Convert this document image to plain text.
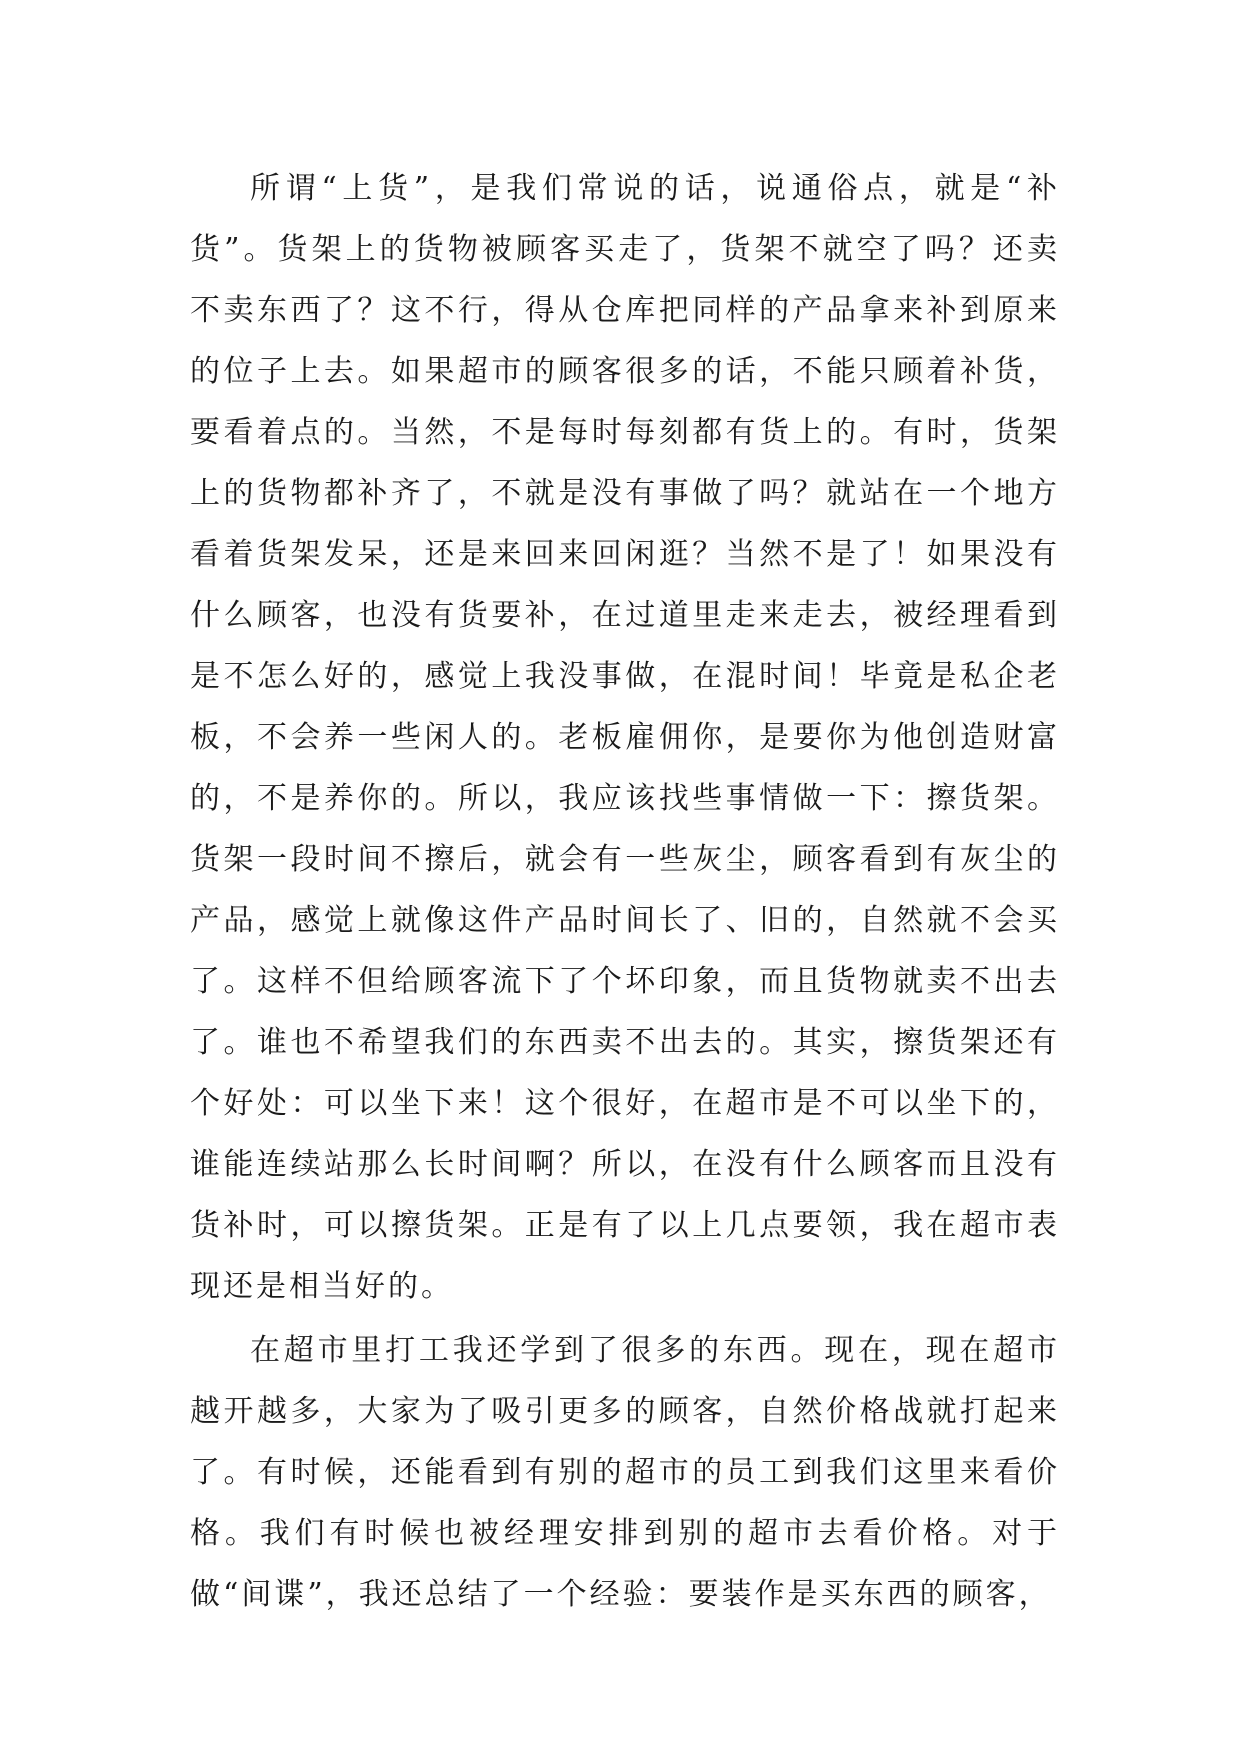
所谓“上货”，是我们常说的话，说通俗点，就是“补货”。货架上的货物被顾客买走了，货架不就空了吗？还卖不卖东西了？这不行，得从仓库把同样的产品拿来补到原来的位子上去。如果超市的顾客很多的话，不能只顾着补货，要看着点的。当然，不是每时每刻都有货上的。有时，货架上的货物都补齐了，不就是没有事做了吗？就站在一个地方看着货架发呆，还是来回来回闲逛？当然不是了！如果没有什么顾客，也没有货要补，在过道里走来走去，被经理看到是不怎么好的，感觉上我没事做，在混时间！毕竟是私企老板，不会养一些闲人的。老板雇佣你，是要你为他创造财富的，不是养你的。所以，我应该找些事情做一下：擦货架。货架一段时间不擦后，就会有一些灰尘，顾客看到有灰尘的产品，感觉上就像这件产品时间长了、旧的，自然就不会买了。这样不但给顾客流下了个坏印象，而且货物就卖不出去了。谁也不希望我们的东西卖不出去的。其实，擦货架还有个好处：可以坐下来！这个很好，在超市是不可以坐下的，谁能连续站那么长时间啊？所以，在没有什么顾客而且没有货补时，可以擦货架。正是有了以上几点要领，我在超市表现还是相当好的。

在超市里打工我还学到了很多的东西。现在，现在超市越开越多，大家为了吸引更多的顾客，自然价格战就打起来了。有时候，还能看到有别的超市的员工到我们这里来看价格。我们有时候也被经理安排到别的超市去看价格。对于做“间谍”，我还总结了一个经验：要装作是买东西的顾客，
